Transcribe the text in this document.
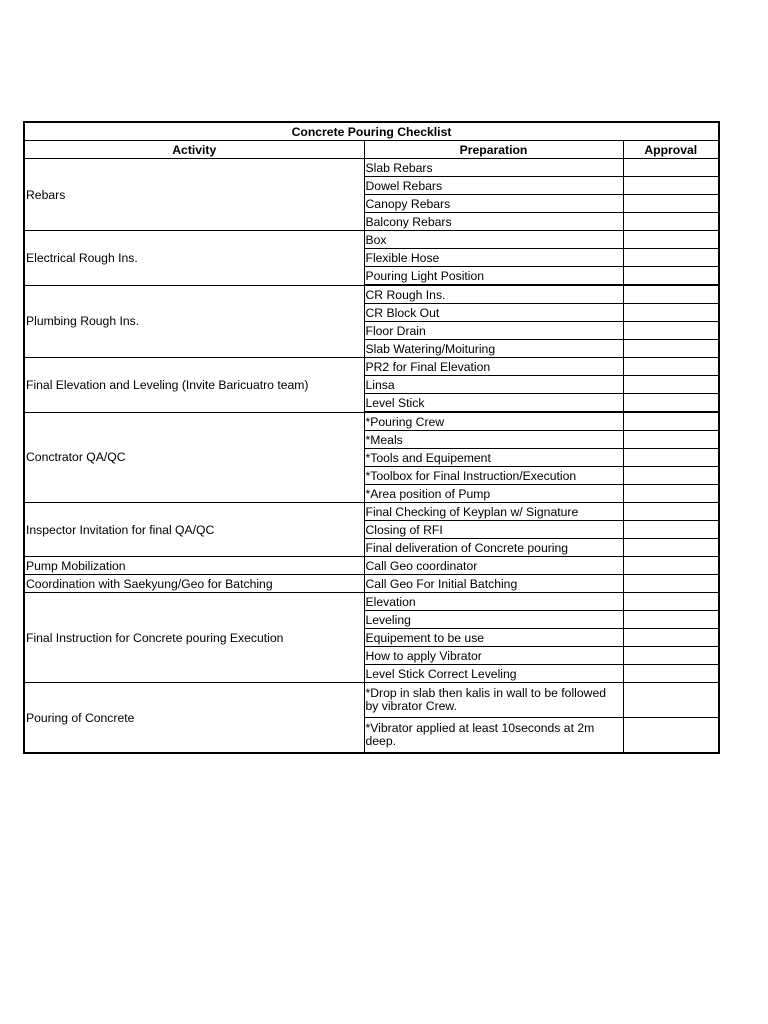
Concrete Pouring Checklist		
Activity	Preparation	Approval
Rebars	Slab Rebars	
	Dowel Rebars	
	Canopy Rebars	
	Balcony Rebars	
Electrical Rough Ins.	Box	
	Flexible Hose	
	Pouring Light Position	
Plumbing Rough Ins.	CR Rough Ins.	
	CR Block Out	
	Floor Drain	
	Slab Watering/Moituring	
Final Elevation and Leveling (Invite Baricuatro team)	PR2 for Final Elevation	
	Linsa	
	Level Stick	
Conctrator QA/QC	*Pouring Crew	
	*Meals	
	*Tools and Equipement	
	*Toolbox for Final Instruction/Execution	
	*Area position of Pump	
Inspector Invitation for final QA/QC	Final Checking of Keyplan w/ Signature	
	Closing of RFI	
	Final deliveration of Concrete pouring	
Pump Mobilization	Call Geo coordinator	
Coordination with Saekyung/Geo for Batching	Call Geo For Initial Batching	
Final Instruction for Concrete pouring Execution	Elevation	
	Leveling	
	Equipement to be use	
	How to apply Vibrator	
	Level Stick Correct Leveling	
Pouring of Concrete	*Drop in slab then kalis in wall to be followed by vibrator Crew.	
	*Vibrator applied at least 10seconds at 2m deep.	
